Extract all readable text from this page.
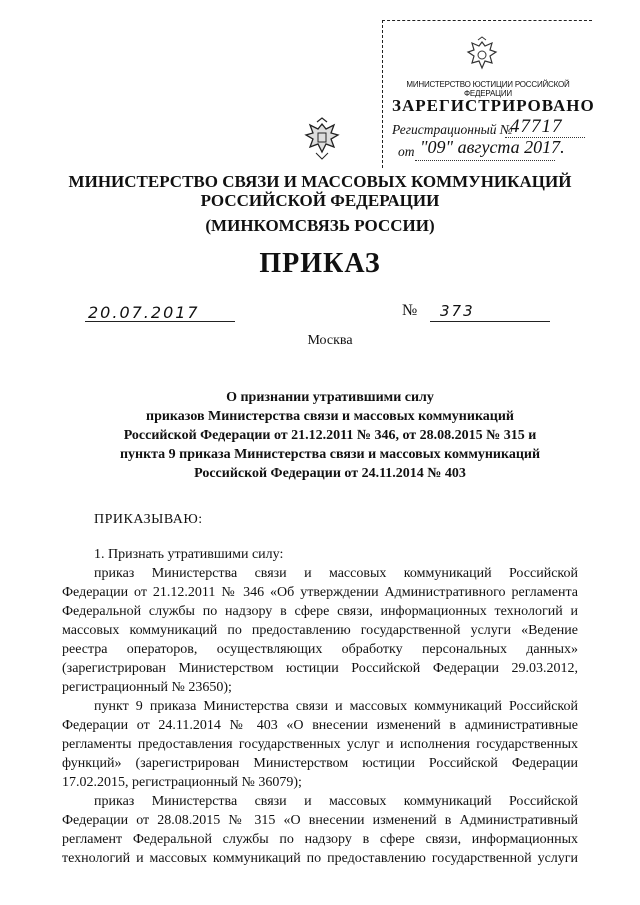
МИНИСТЕРСТВО ЮСТИЦИИ РОССИЙСКОЙ ФЕДЕРАЦИИ
ЗАРЕГИСТРИРОВАНО
Регистрационный №
47717
от "09" августа 2017.
МИНИСТЕРСТВО СВЯЗИ И МАССОВЫХ КОММУНИКАЦИЙ
РОССИЙСКОЙ ФЕДЕРАЦИИ
(МИНКОМСВЯЗЬ РОССИИ)
ПРИКАЗ
20.07.2017	№ 373
Москва
О признании утратившими силу
приказов Министерства связи и массовых коммуникаций
Российской Федерации от 21.12.2011 № 346, от 28.08.2015 № 315 и
пункта 9 приказа Министерства связи и массовых коммуникаций
Российской Федерации от 24.11.2014 № 403
ПРИКАЗЫВАЮ:
1. Признать утратившими силу:
приказ Министерства связи и массовых коммуникаций Российской
Федерации от 21.12.2011 № 346 «Об утверждении Административного регламента
Федеральной службы по надзору в сфере связи, информационных технологий и
массовых коммуникаций по предоставлению государственной услуги «Ведение
реестра операторов, осуществляющих обработку персональных данных»
(зарегистрирован Министерством юстиции Российской Федерации 29.03.2012,
регистрационный № 23650);
пункт 9 приказа Министерства связи и массовых коммуникаций Российской
Федерации от 24.11.2014 № 403 «О внесении изменений в административные
регламенты предоставления государственных услуг и исполнения государственных
функций» (зарегистрирован Министерством юстиции Российской Федерации
17.02.2015, регистрационный № 36079);
приказ Министерства связи и массовых коммуникаций Российской
Федерации от 28.08.2015 № 315 «О внесении изменений в Административный
регламент Федеральной службы по надзору в сфере связи, информационных
технологий и массовых коммуникаций по предоставлению государственной услуги
